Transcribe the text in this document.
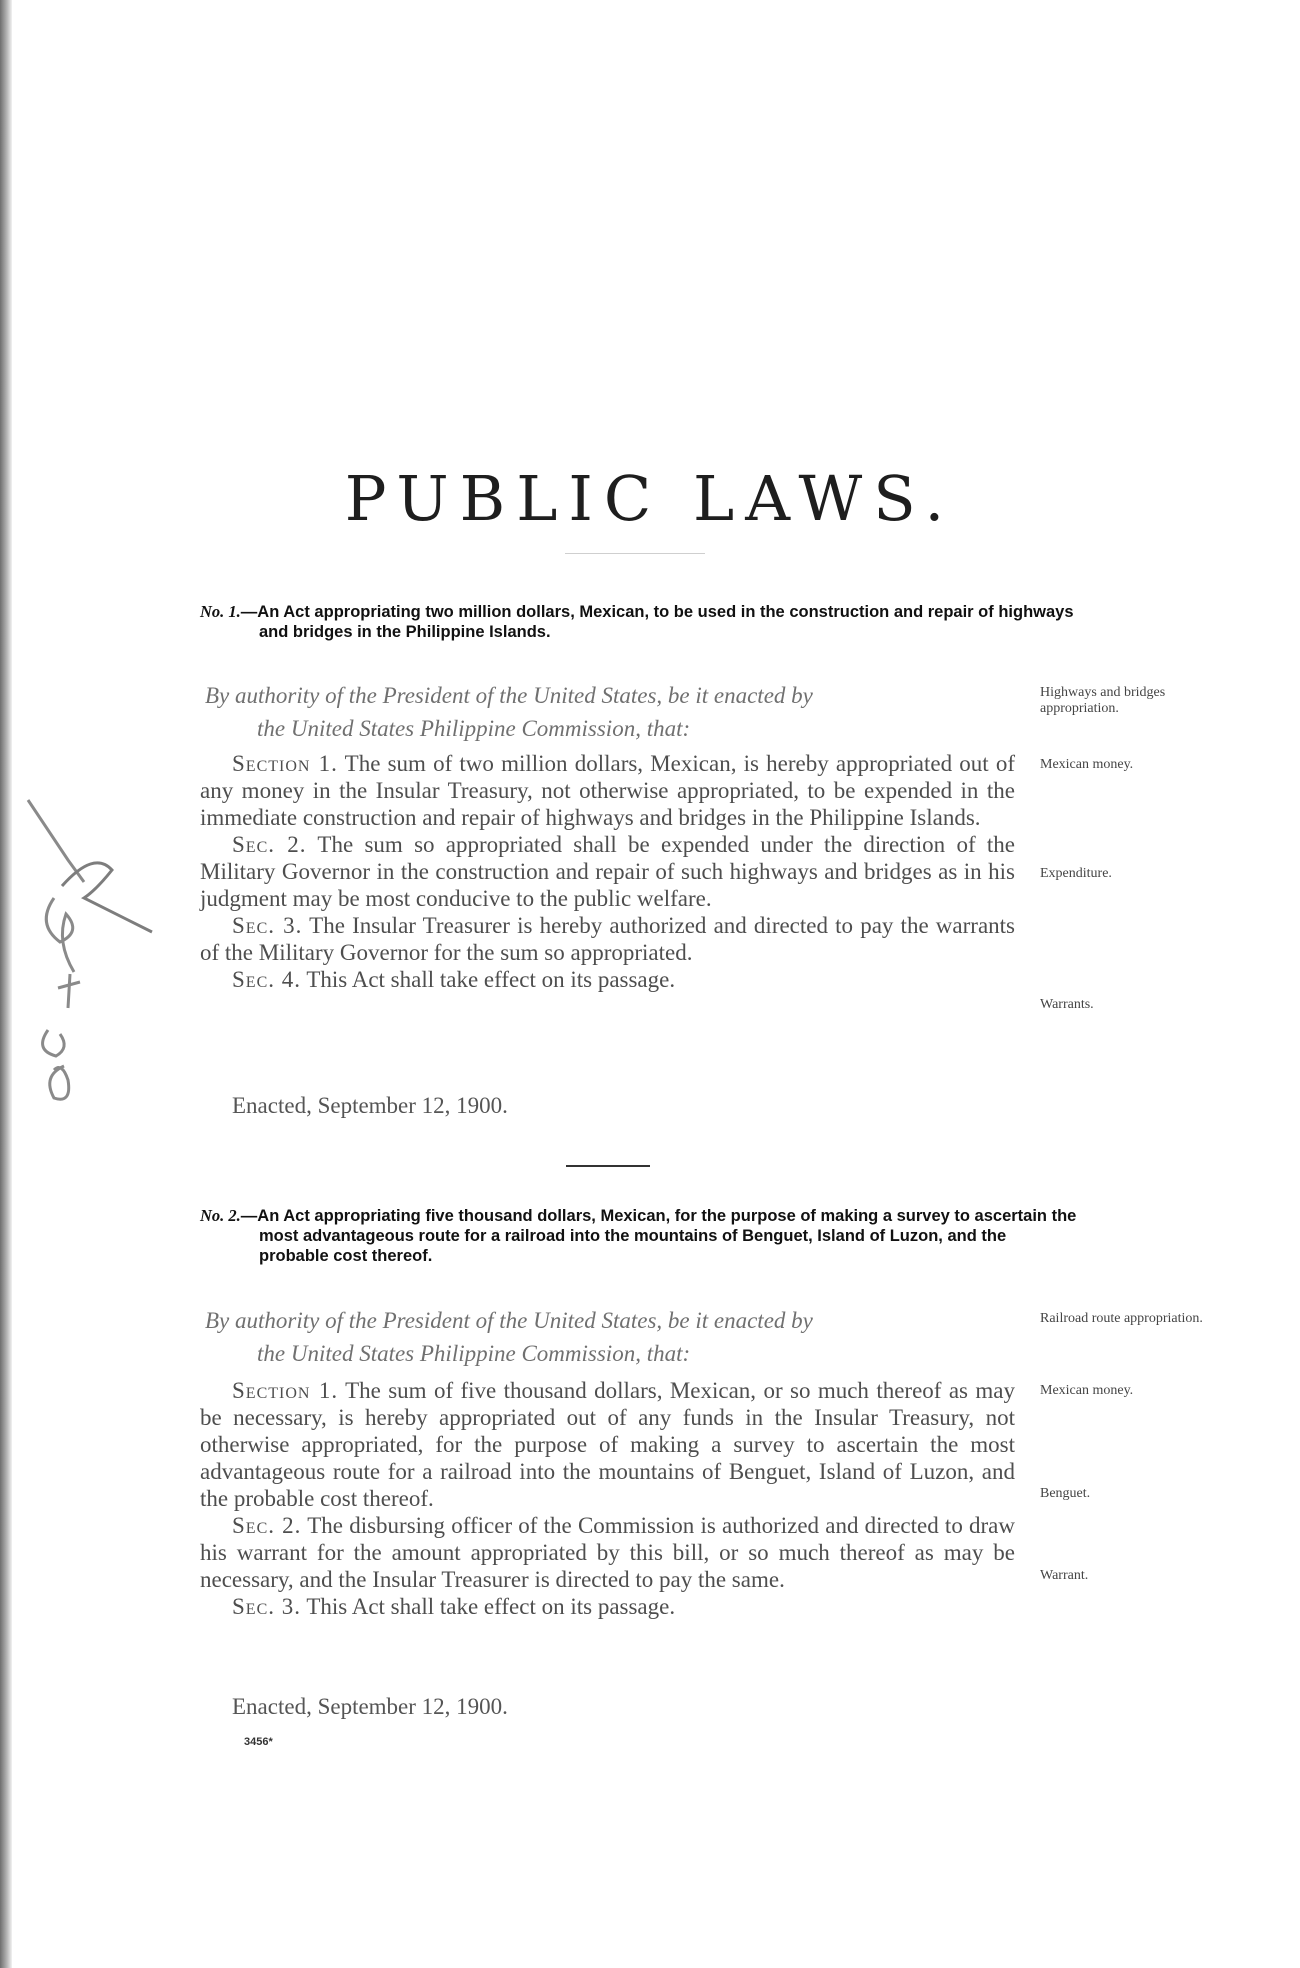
PUBLIC LAWS.
No. 1.—An Act appropriating two million dollars, Mexican, to be used in the construction and repair of highways and bridges in the Philippine Islands.
By authority of the President of the United States, be it enacted by
the United States Philippine Commission, that:

Section 1. The sum of two million dollars, Mexican, is hereby appropriated out of any money in the Insular Treasury, not otherwise appropriated, to be expended in the immediate construction and repair of highways and bridges in the Philippine Islands.

Sec. 2. The sum so appropriated shall be expended under the direction of the Military Governor in the construction and repair of such highways and bridges as in his judgment may be most conducive to the public welfare.

Sec. 3. The Insular Treasurer is hereby authorized and directed to pay the warrants of the Military Governor for the sum so appropriated.

Sec. 4. This Act shall take effect on its passage.

Enacted, September 12, 1900.
Highways and bridges appropriation.
Mexican money.
Expenditure.
Warrants.
No. 2.—An Act appropriating five thousand dollars, Mexican, for the purpose of making a survey to ascertain the most advantageous route for a railroad into the mountains of Benguet, Island of Luzon, and the probable cost thereof.
By authority of the President of the United States, be it enacted by
the United States Philippine Commission, that:

Section 1. The sum of five thousand dollars, Mexican, or so much thereof as may be necessary, is hereby appropriated out of any funds in the Insular Treasury, not otherwise appropriated, for the purpose of making a survey to ascertain the most advantageous route for a railroad into the mountains of Benguet, Island of Luzon, and the probable cost thereof.

Sec. 2. The disbursing officer of the Commission is authorized and directed to draw his warrant for the amount appropriated by this bill, or so much thereof as may be necessary, and the Insular Treasurer is directed to pay the same.

Sec. 3. This Act shall take effect on its passage.

Enacted, September 12, 1900.
Railroad route appropriation.
Mexican money.
Benguet.
Warrant.
3456*
